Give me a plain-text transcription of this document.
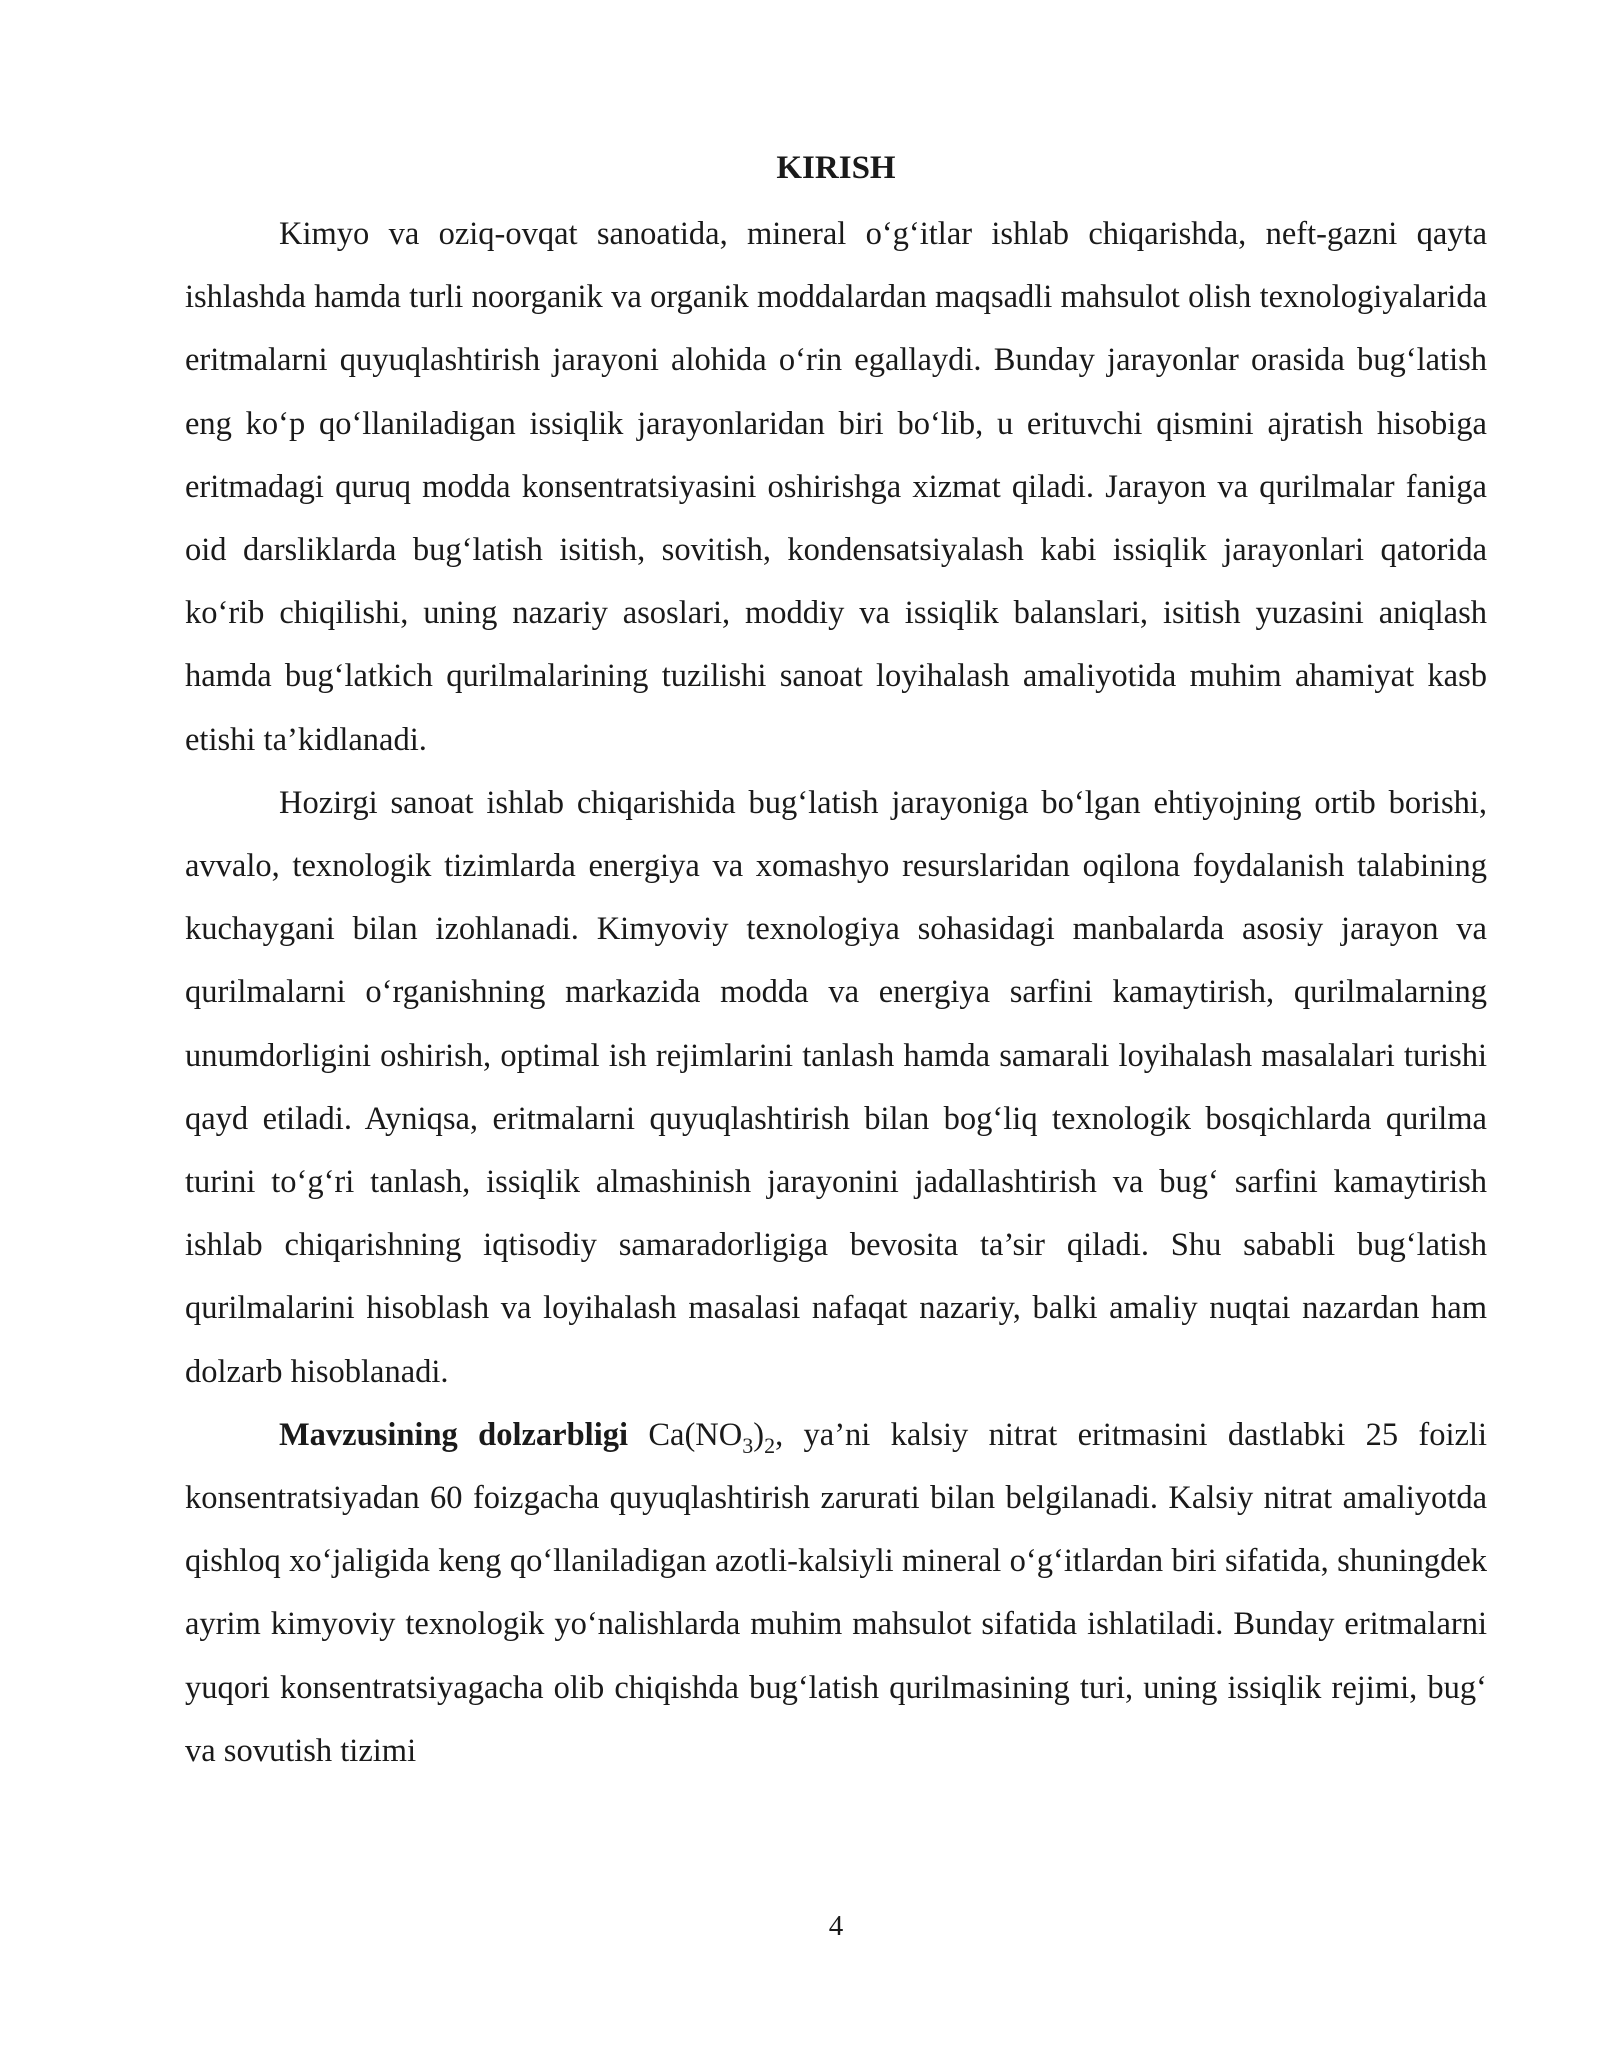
KIRISH

Kimyo va oziq-ovqat sanoatida, mineral o‘g‘itlar ishlab chiqarishda, neft-gazni qayta ishlashda hamda turli noorganik va organik moddalardan maqsadli mahsulot olish texnologiyalarida eritmalarni quyuqlashtirish jarayoni alohida o‘rin egallaydi. Bunday jarayonlar orasida bug‘latish eng ko‘p qo‘llaniladigan issiqlik jarayonlaridan biri bo‘lib, u erituvchi qismini ajratish hisobiga eritmadagi quruq modda konsentratsiyasini oshirishga xizmat qiladi. Jarayon va qurilmalar faniga oid darsliklarda bug‘latish isitish, sovitish, kondensatsiyalash kabi issiqlik jarayonlari qatorida ko‘rib chiqilishi, uning nazariy asoslari, moddiy va issiqlik balanslari, isitish yuzasini aniqlash hamda bug‘latkich qurilmalarining tuzilishi sanoat loyihalash amaliyotida muhim ahamiyat kasb etishi ta’kidlanadi.

Hozirgi sanoat ishlab chiqarishida bug‘latish jarayoniga bo‘lgan ehtiyojning ortib borishi, avvalo, texnologik tizimlarda energiya va xomashyo resurslaridan oqilona foydalanish talabining kuchaygani bilan izohlanadi. Kimyoviy texnologiya sohasidagi manbalarda asosiy jarayon va qurilmalarni o‘rganishning markazida modda va energiya sarfini kamaytirish, qurilmalarning unumdorligini oshirish, optimal ish rejimlarini tanlash hamda samarali loyihalash masalalari turishi qayd etiladi. Ayniqsa, eritmalarni quyuqlashtirish bilan bog‘liq texnologik bosqichlarda qurilma turini to‘g‘ri tanlash, issiqlik almashinish jarayonini jadallashtirish va bug‘ sarfini kamaytirish ishlab chiqarishning iqtisodiy samaradorligiga bevosita ta’sir qiladi. Shu sababli bug‘latish qurilmalarini hisoblash va loyihalash masalasi nafaqat nazariy, balki amaliy nuqtai nazardan ham dolzarb hisoblanadi.

Mavzusining dolzarbligi $Ca(NO_3)_2$, ya’ni kalsiy nitrat eritmasini dastlabki 25 foizli konsentratsiyadan 60 foizgacha quyuqlashtirish zarurati bilan belgilanadi. Kalsiy nitrat amaliyotda qishloq xo‘jaligida keng qo‘llaniladigan azotli-kalsiyli mineral o‘g‘itlardan biri sifatida, shuningdek ayrim kimyoviy texnologik yo‘nalishlarda muhim mahsulot sifatida ishlatiladi. Bunday eritmalarni yuqori konsentratsiyagacha olib chiqishda bug‘latish qurilmasining turi, uning issiqlik rejimi, bug‘ va sovutish tizimi

4
